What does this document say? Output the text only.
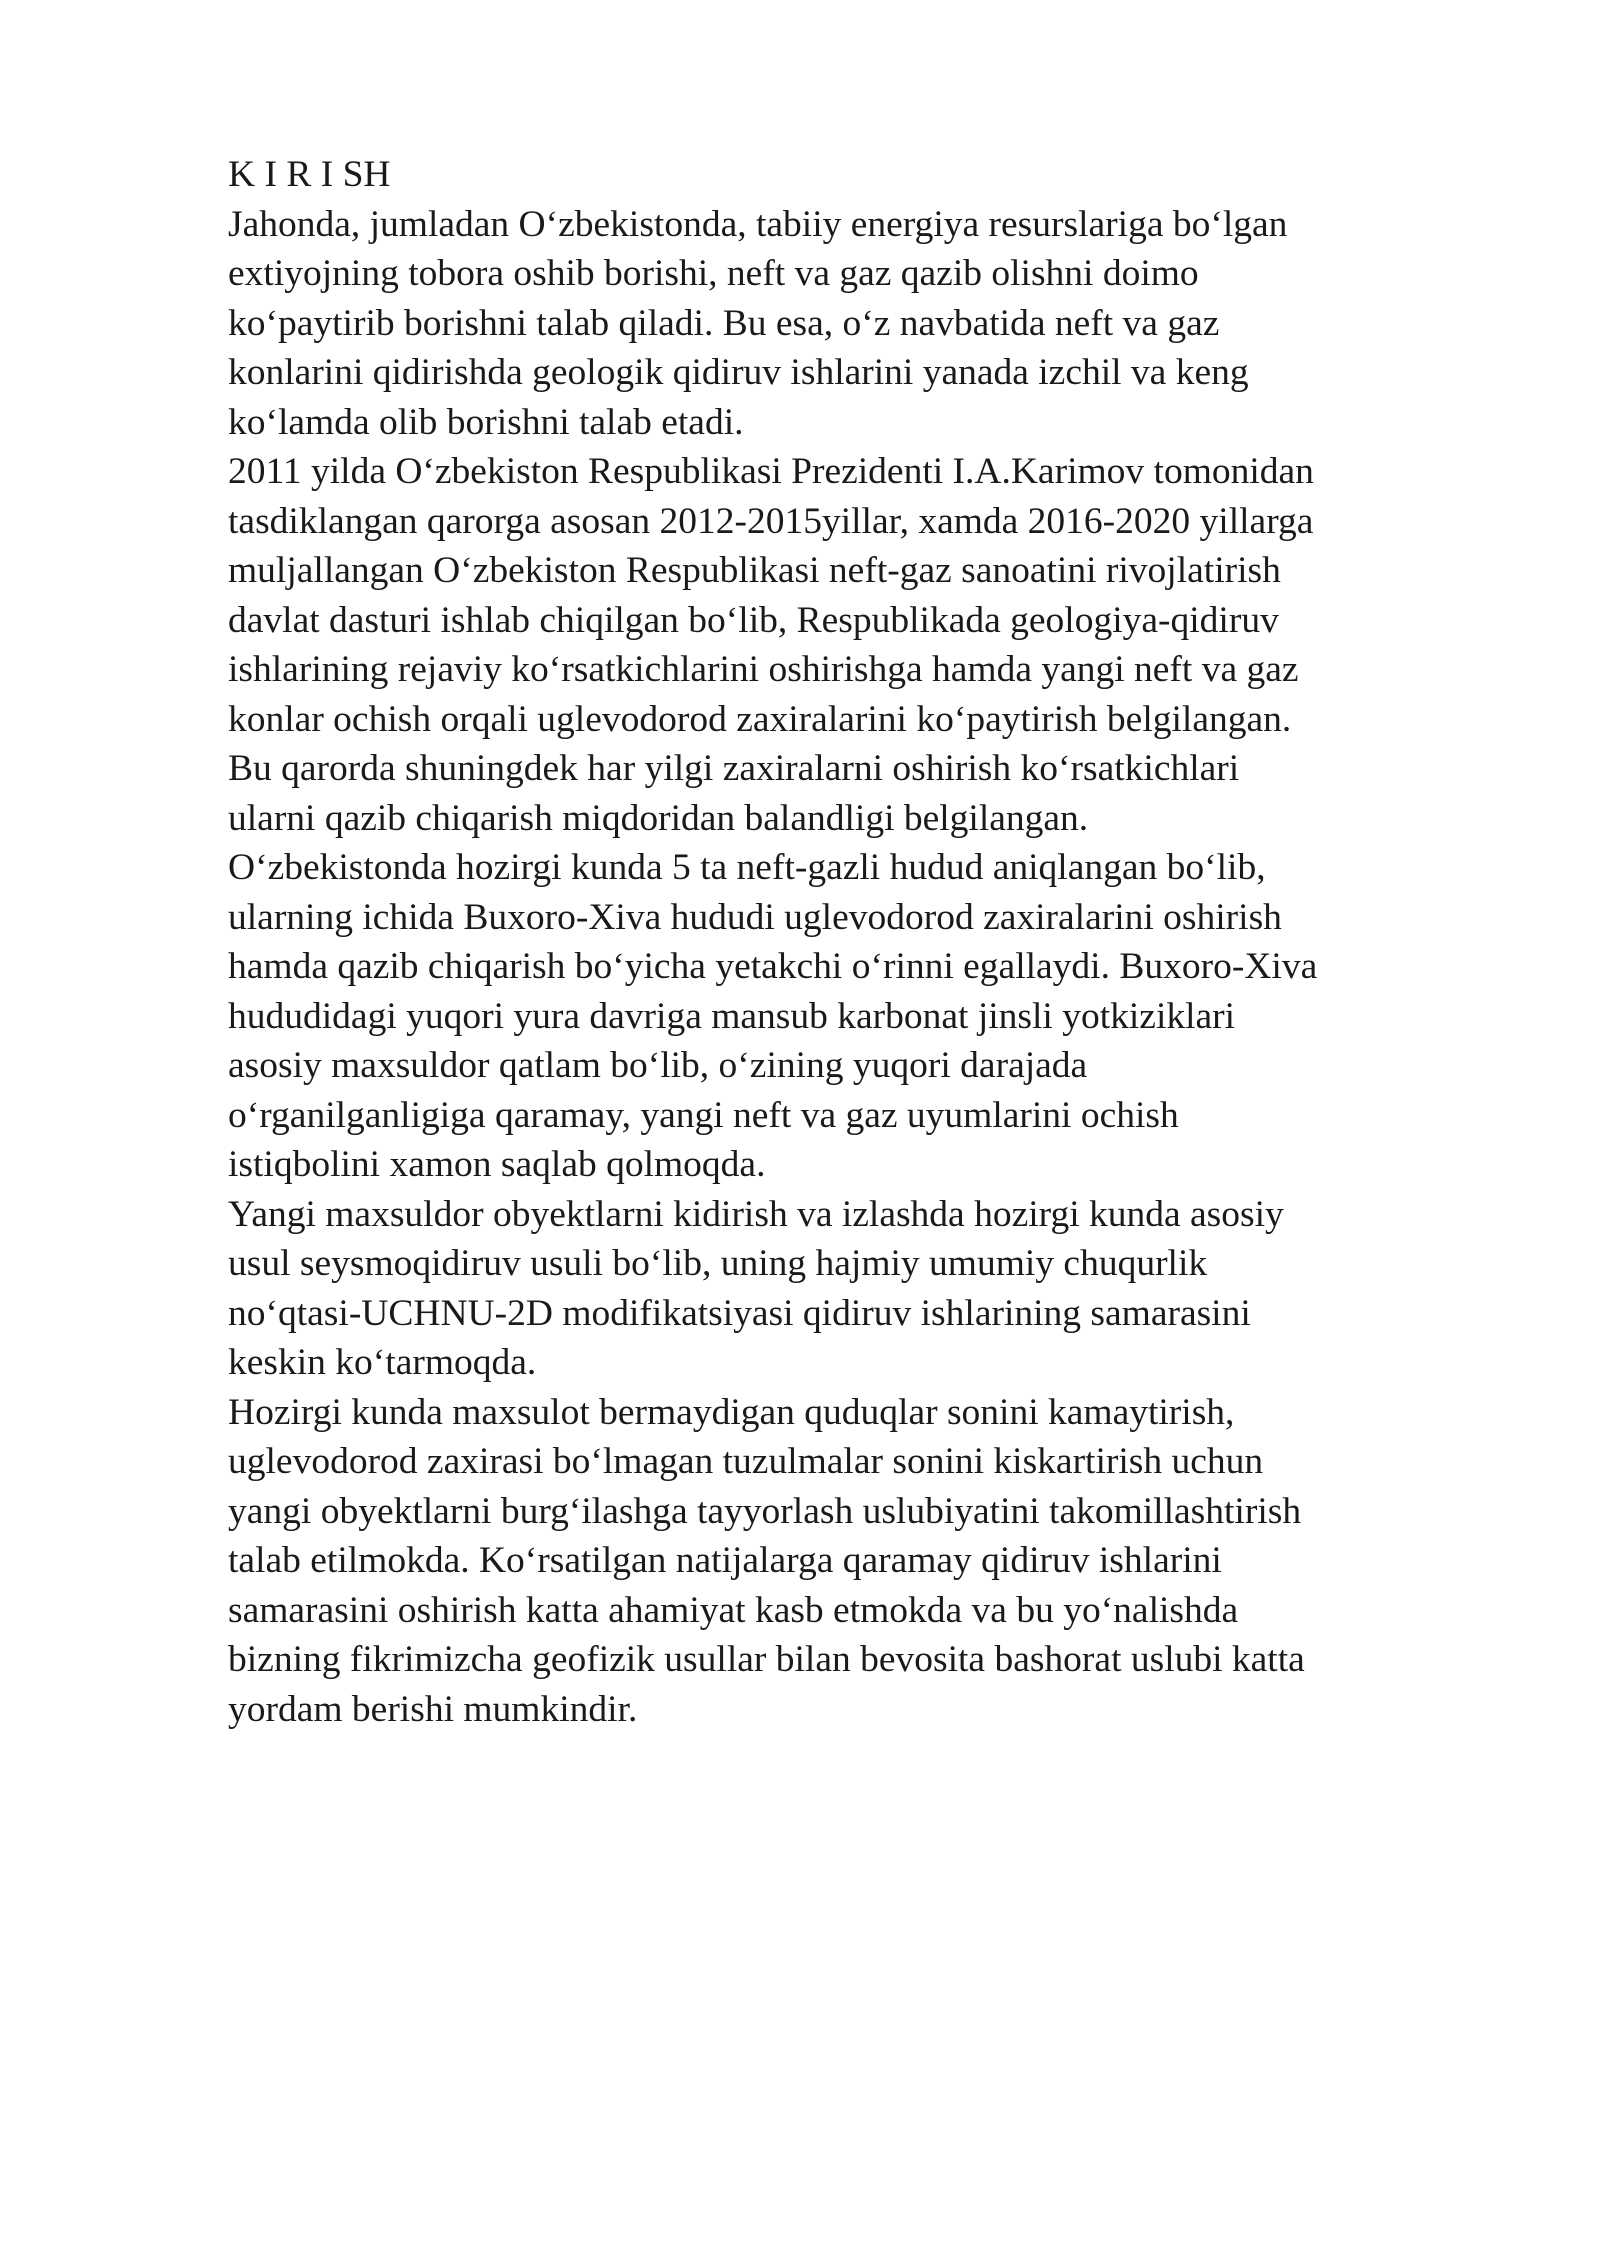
K I R I SH
Jahonda, jumladan O‘zbekistonda, tabiiy energiya resurslariga bo‘lgan
extiyojning tobora oshib borishi, neft va gaz qazib olishni doimo
ko‘paytirib borishni talab qiladi. Bu esa, o‘z navbatida neft va gaz
konlarini qidirishda geologik qidiruv ishlarini yanada izchil va keng
ko‘lamda olib borishni talab etadi.
2011 yilda O‘zbekiston Respublikasi Prezidenti I.A.Karimov tomonidan
tasdiklangan qarorga asosan 2012-2015yillar, xamda 2016-2020 yillarga
muljallangan O‘zbekiston Respublikasi neft-gaz sanoatini rivojlatirish
davlat dasturi ishlab chiqilgan bo‘lib, Respublikada geologiya-qidiruv
ishlarining rejaviy ko‘rsatkichlarini oshirishga hamda yangi neft va gaz
konlar ochish orqali uglevodorod zaxiralarini ko‘paytirish belgilangan.
Bu qarorda shuningdek har yilgi zaxiralarni oshirish ko‘rsatkichlari
ularni qazib chiqarish miqdoridan balandligi belgilangan.
O‘zbekistonda hozirgi kunda 5 ta neft-gazli hudud aniqlangan bo‘lib,
ularning ichida Buxoro-Xiva hududi uglevodorod zaxiralarini oshirish
hamda qazib chiqarish bo‘yicha yetakchi o‘rinni egallaydi. Buxoro-Xiva
hududidagi yuqori yura davriga mansub karbonat jinsli yotkiziklari
asosiy maxsuldor qatlam bo‘lib, o‘zining yuqori darajada
o‘rganilganligiga qaramay, yangi neft va gaz uyumlarini ochish
istiqbolini xamon saqlab qolmoqda.
Yangi maxsuldor obyektlarni kidirish va izlashda hozirgi kunda asosiy
usul seysmoqidiruv usuli bo‘lib, uning hajmiy umumiy chuqurlik
no‘qtasi-UCHNU-2D modifikatsiyasi qidiruv ishlarining samarasini
keskin ko‘tarmoqda.
Hozirgi kunda maxsulot bermaydigan quduqlar sonini kamaytirish,
uglevodorod zaxirasi bo‘lmagan tuzulmalar sonini kiskartirish uchun
yangi obyektlarni burg‘ilashga tayyorlash uslubiyatini takomillashtirish
talab etilmokda. Ko‘rsatilgan natijalarga qaramay qidiruv ishlarini
samarasini oshirish katta ahamiyat kasb etmokda va bu yo‘nalishda
bizning fikrimizcha geofizik usullar bilan bevosita bashorat uslubi katta
yordam berishi mumkindir.
